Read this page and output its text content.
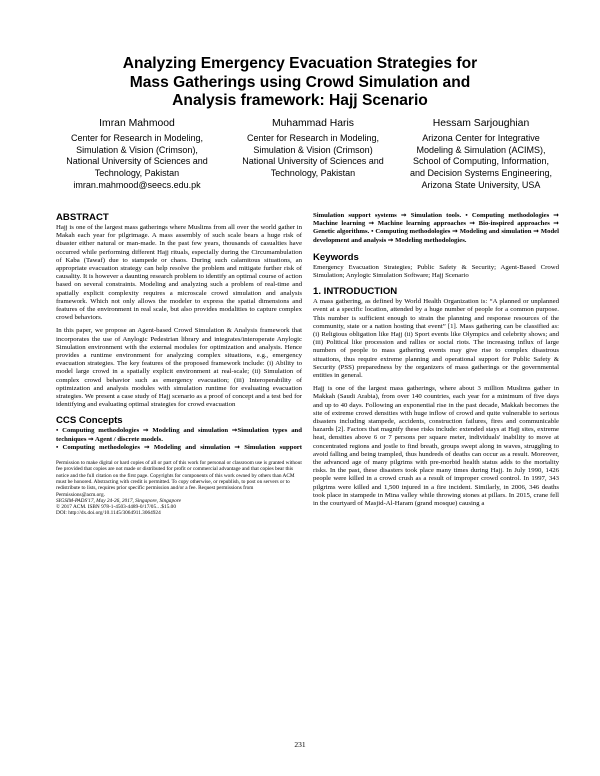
Analyzing Emergency Evacuation Strategies for
Mass Gatherings using Crowd Simulation and
Analysis framework: Hajj Scenario
Imran Mahmood
Center for Research in Modeling,
Simulation & Vision (Crimson),
National University of Sciences and
Technology, Pakistan
imran.mahmood@seecs.edu.pk
Muhammad Haris
Center for Research in Modeling,
Simulation & Vision (Crimson)
National University of Sciences and
Technology, Pakistan
Hessam Sarjoughian
Arizona Center for Integrative
Modeling & Simulation (ACIMS),
School of Computing, Information,
and Decision Systems Engineering,
Arizona State University, USA
ABSTRACT

Hajj is one of the largest mass gatherings where Muslims from all over the world gather in Makah each year for pilgrimage. A mass assembly of such scale bears a huge risk of disaster either natural or man-made. In the past few years, thousands of casualties have occurred while performing different Hajj rituals, especially during the Circumambulation of Kaba (Tawaf) due to stampede or chaos. During such calamitous situations, an appropriate evacuation strategy can help resolve the problem and mitigate further risk of causality. It is however a daunting research problem to identify an optimal course of action based on several constraints. Modeling and analyzing such a problem of real-time and spatially explicit complexity requires a microscale crowd simulation and analysis framework. Which not only allows the modeler to express the spatial dimensions and features of the environment in real scale, but also provides modalities to capture complex crowd behaviors.

In this paper, we propose an Agent-based Crowd Simulation & Analysis framework that incorporates the use of Anylogic Pedestrian library and integrates/interoperate Anylogic Simulation environment with the external modules for optimization and analysis. Hence provides a runtime environment for analyzing complex situations, e.g., emergency evacuation strategies. The key features of the proposed framework include: (i) Ability to model large crowd in a spatially explicit environment at real-scale; (ii) Simulation of complex crowd behavior such as emergency evacuation; (iii) Interoperability of optimization and analysis modules with simulation runtime for evaluating evacuation strategies. We present a case study of Hajj scenario as a proof of concept and a test bed for identifying and evaluating optimal strategies for crowd evacuation

CCS Concepts

• Computing methodologies ➞ Modeling and simulation ➞Simulation types and techniques ➞ Agent / discrete models.

• Computing methodologies ➞ Modeling and simulation ➞ Simulation support

Permission to make digital or hard copies of all or part of this work for personal or classroom use is granted without fee provided that copies are not made or distributed for profit or commercial advantage and that copies bear this notice and the full citation on the first page. Copyrights for components of this work owned by others than ACM must be honored. Abstracting with credit is permitted. To copy otherwise, or republish, to post on servers or to redistribute to lists, requires prior specific permission and/or a fee. Request permissions from Permissions@acm.org.
SIGSIM-PADS'17, May 24-26, 2017, Singapore, Singapore
© 2017 ACM. ISBN 978-1-4503-4489-0/17/05…$15.00
DOI: http://dx.doi.org/10.1145/3064911.3064924
Simulation support systems ➞ Simulation tools. • Computing methodologies ➞ Machine learning ➞ Machine learning approaches ➞ Bio-inspired approaches ➞ Genetic algorithms. • Computing methodologies ➞ Modeling and simulation ➞ Model development and analysis ➞ Modeling methodologies.
Keywords

Emergency Evacuation Strategies; Public Safety & Security; Agent-Based Crowd Simulation; Anylogic Simulation Software; Hajj Scenario

1. INTRODUCTION

A mass gathering, as defined by World Health Organization is: “A planned or unplanned event at a specific location, attended by a huge number of people for a common purpose. This number is sufficient enough to strain the planning and response resources of the community, state or a nation hosting that event” [1]. Mass gathering can be classified as: (i) Religious obligation like Hajj (ii) Sport events like Olympics and celebrity shows; and (iii) Political like procession and rallies or social riots. The increasing influx of large numbers of people to mass gathering events may give rise to complex disastrous situations, thus require extreme planning and operational support for Public Safety & Security (PSS) preparedness by the organizers of mass gatherings or the governmental entities in general.

Hajj is one of the largest mass gatherings, where about 3 million Muslims gather in Makkah (Saudi Arabia), from over 140 countries, each year for a minimum of five days and up to 40 days. Following an exponential rise in the past decade, Makkah becomes the site of extreme crowd densities with huge inflow of crowd and quite vulnerable to serious disasters including stampede, accidents, construction failures, fires and communicable hazards [2]. Factors that magnify these risks include: extended stays at Hajj sites, extreme heat, densities above 6 or 7 persons per square meter, individuals' inability to move at concentrated regions and jostle to find breath, groups swept along in waves, struggling to avoid falling and being trampled, thus hundreds of deaths can occur as a result. Moreover, the advanced age of many pilgrims with pre-morbid health status adds to the mortality risks. In the past, these disasters took place many times during Hajj. In July 1990, 1426 people were killed in a crowd crush as a result of improper crowd control. In 1997, 343 pilgrims were killed and 1,500 injured in a fire incident. Similarly, in 2006, 346 deaths took place in stampede in Mina valley while throwing stones at pillars. In 2015, crane fell in the courtyard of Masjid-Al-Haram (grand mosque) causing a

231
